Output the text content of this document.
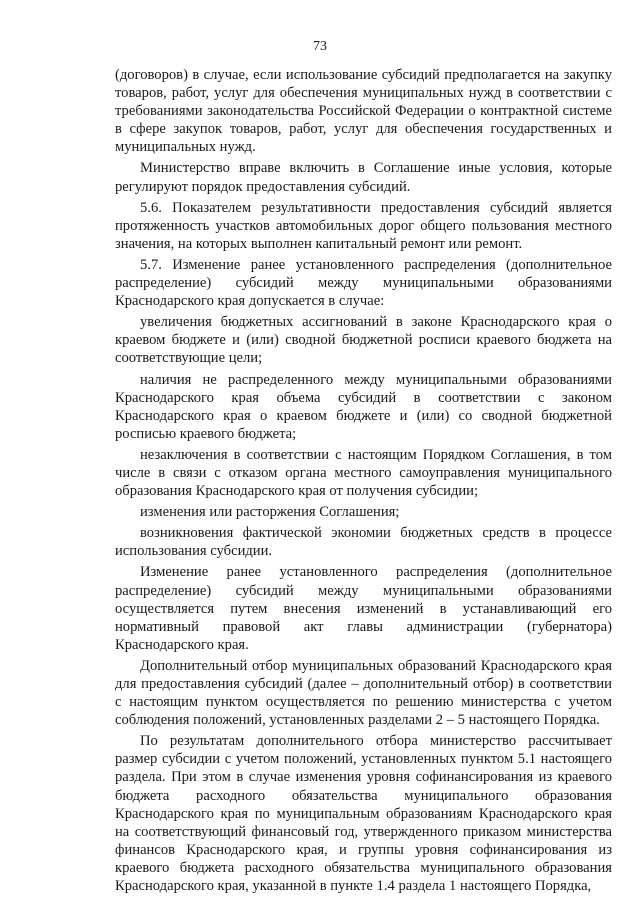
73

(договоров) в случае, если использование субсидий предполагается на закупку товаров, работ, услуг для обеспечения муниципальных нужд в соответствии с требованиями законодательства Российской Федерации о контрактной системе в сфере закупок товаров, работ, услуг для обеспечения государственных и муниципальных нужд.

Министерство вправе включить в Соглашение иные условия, которые регулируют порядок предоставления субсидий.

5.6. Показателем результативности предоставления субсидий является протяженность участков автомобильных дорог общего пользования местного значения, на которых выполнен капитальный ремонт или ремонт.

5.7. Изменение ранее установленного распределения (дополнительное распределение) субсидий между муниципальными образованиями Краснодарского края допускается в случае:

увеличения бюджетных ассигнований в законе Краснодарского края о краевом бюджете и (или) сводной бюджетной росписи краевого бюджета на соответствующие цели;

наличия не распределенного между муниципальными образованиями Краснодарского края объема субсидий в соответствии с законом Краснодарского края о краевом бюджете и (или) со сводной бюджетной росписью краевого бюджета;

незаключения в соответствии с настоящим Порядком Соглашения, в том числе в связи с отказом органа местного самоуправления муниципального образования Краснодарского края от получения субсидии;

изменения или расторжения Соглашения;

возникновения фактической экономии бюджетных средств в процессе использования субсидии.

Изменение ранее установленного распределения (дополнительное распределение) субсидий между муниципальными образованиями осуществляется путем внесения изменений в устанавливающий его нормативный правовой акт главы администрации (губернатора) Краснодарского края.

Дополнительный отбор муниципальных образований Краснодарского края для предоставления субсидий (далее – дополнительный отбор) в соответствии с настоящим пунктом осуществляется по решению министерства с учетом соблюдения положений, установленных разделами 2 – 5 настоящего Порядка.

По результатам дополнительного отбора министерство рассчитывает размер субсидии с учетом положений, установленных пунктом 5.1 настоящего раздела. При этом в случае изменения уровня софинансирования из краевого бюджета расходного обязательства муниципального образования Краснодарского края по муниципальным образованиям Краснодарского края на соответствующий финансовый год, утвержденного приказом министерства финансов Краснодарского края, и группы уровня софинансирования из краевого бюджета расходного обязательства муниципального образования Краснодарского края, указанной в пункте 1.4 раздела 1 настоящего Порядка,
